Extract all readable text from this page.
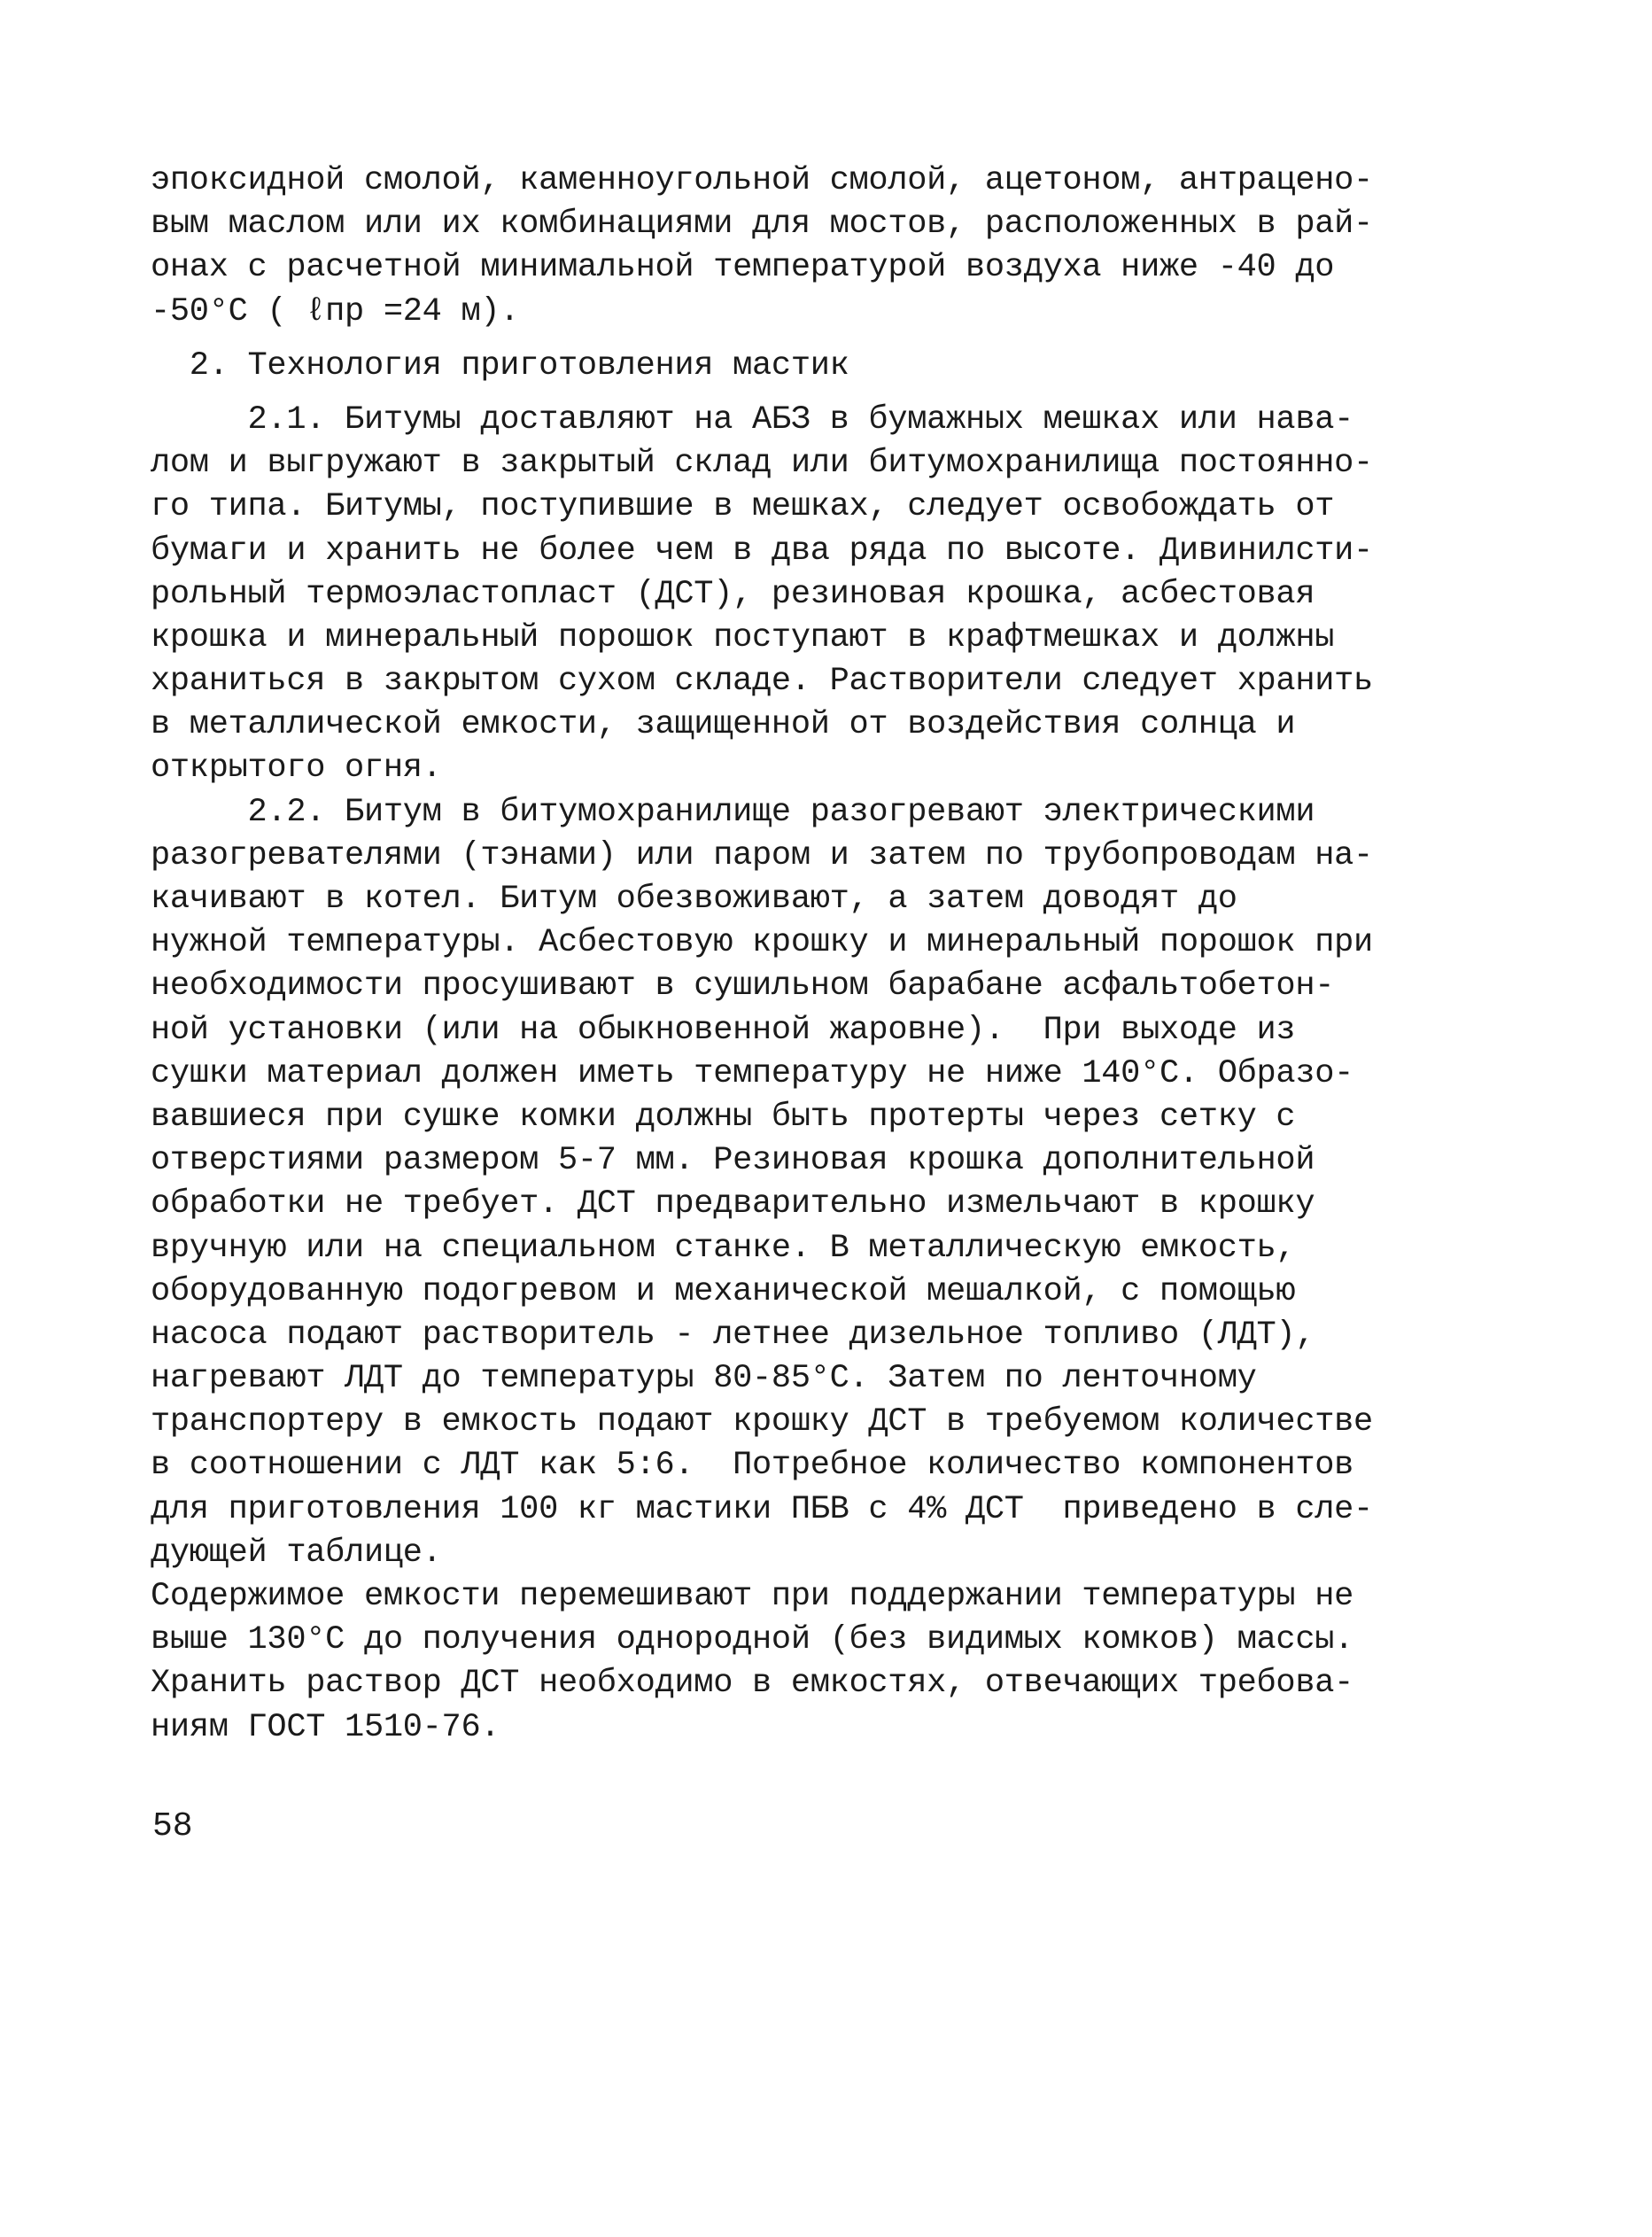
эпоксидной смолой, каменноугольной смолой, ацетоном, антрацено-
вым маслом или их комбинациями для мостов, расположенных в рай-
онах с расчетной минимальной температурой воздуха ниже -40 до
-50°С ( ℓпр =24 м).
2. Технология приготовления мастик
2.1. Битумы доставляют на АБЗ в бумажных мешках или нава-
лом и выгружают в закрытый склад или битумохранилища постоянно-
го типа. Битумы, поступившие в мешках, следует освобождать от
бумаги и хранить не более чем в два ряда по высоте. Дивинилсти-
рольный термоэластопласт (ДСТ), резиновая крошка, асбестовая
крошка и минеральный порошок поступают в крафтмешках и должны
храниться в закрытом сухом складе. Растворители следует хранить
в металлической емкости, защищенной от воздействия солнца и
открытого огня.
2.2. Битум в битумохранилище разогревают электрическими
разогревателями (тэнами) или паром и затем по трубопроводам на-
качивают в котел. Битум обезвоживают, а затем доводят до
нужной температуры. Асбестовую крошку и минеральный порошок при
необходимости просушивают в сушильном барабане асфальтобетон-
ной установки (или на обыкновенной жаровне).  При выходе из
сушки материал должен иметь температуру не ниже 140°С. Образо-
вавшиеся при сушке комки должны быть протерты через сетку с
отверстиями размером 5-7 мм. Резиновая крошка дополнительной
обработки не требует. ДСТ предварительно измельчают в крошку
вручную или на специальном станке. В металлическую емкость,
оборудованную подогревом и механической мешалкой, с помощью
насоса подают растворитель - летнее дизельное топливо (ЛДТ),
нагревают ЛДТ до температуры 80-85°С. Затем по ленточному
транспортеру в емкость подают крошку ДСТ в требуемом количестве
в соотношении с ЛДТ как 5:6.  Потребное количество компонентов
для приготовления 100 кг мастики ПБВ с 4% ДСТ  приведено в сле-
дующей таблице.
Содержимое емкости перемешивают при поддержании температуры не
выше 130°С до получения однородной (без видимых комков) массы.
Хранить раствор ДСТ необходимо в емкостях, отвечающих требова-
ниям ГОСТ 1510-76.
58
